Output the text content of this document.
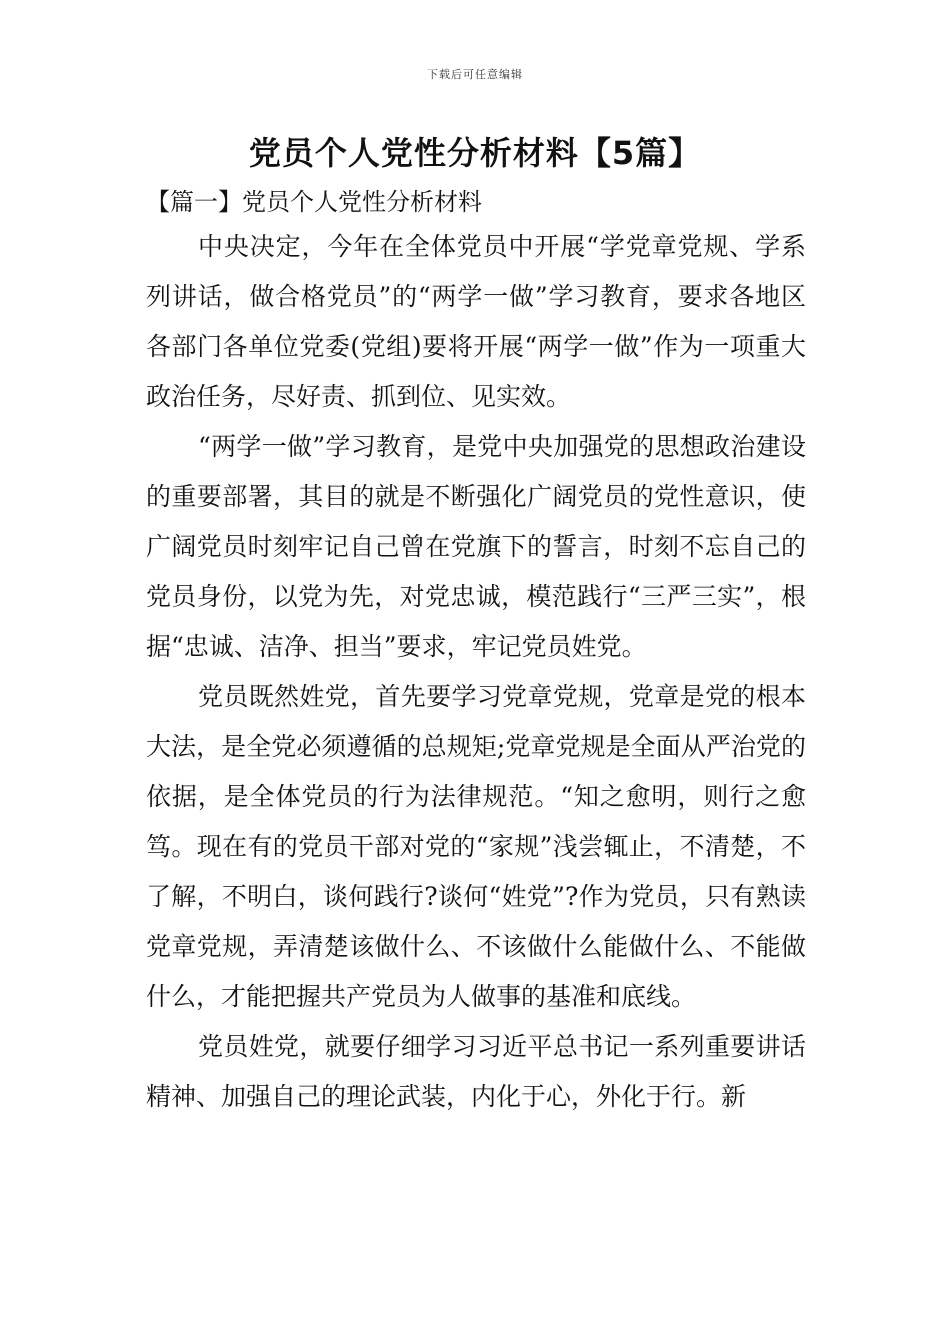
下载后可任意编辑
党员个人党性分析材料【5篇】
【篇一】党员个人党性分析材料

中央决定，今年在全体党员中开展“学党章党规、学系列讲话，做合格党员”的“两学一做”学习教育，要求各地区各部门各单位党委(党组)要将开展“两学一做”作为一项重大政治任务，尽好责、抓到位、见实效。

“两学一做”学习教育，是党中央加强党的思想政治建设的重要部署，其目的就是不断强化广阔党员的党性意识，使广阔党员时刻牢记自己曾在党旗下的誓言，时刻不忘自己的党员身份，以党为先，对党忠诚，模范践行“三严三实”，根据“忠诚、洁净、担当”要求，牢记党员姓党。

党员既然姓党，首先要学习党章党规，党章是党的根本大法，是全党必须遵循的总规矩;党章党规是全面从严治党的依据，是全体党员的行为法律规范。“知之愈明，则行之愈笃。现在有的党员干部对党的“家规”浅尝辄止，不清楚，不了解，不明白，谈何践行?谈何“姓党”?作为党员，只有熟读党章党规，弄清楚该做什么、不该做什么能做什么、不能做什么，才能把握共产党员为人做事的基准和底线。

党员姓党，就要仔细学习习近平总书记一系列重要讲话精神、加强自己的理论武装，内化于心，外化于行。新
